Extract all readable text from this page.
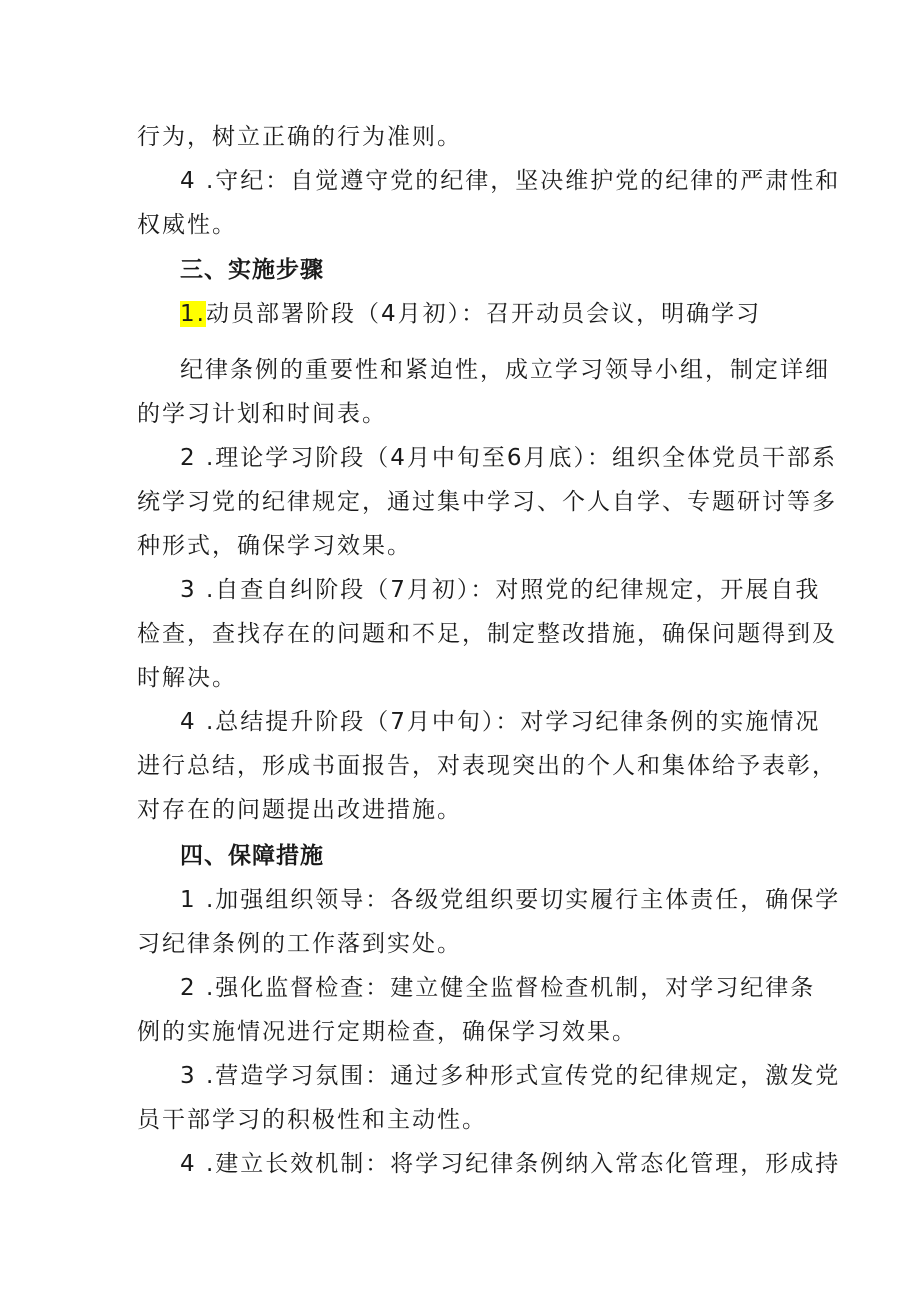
行为，树立正确的行为准则。
4 .守纪：自觉遵守党的纪律，坚决维护党的纪律的严肃性和
权威性。
三、实施步骤
1.动员部署阶段（4月初）：召开动员会议，明确学习
纪律条例的重要性和紧迫性，成立学习领导小组，制定详细
的学习计划和时间表。
2 .理论学习阶段（4月中旬至6月底）：组织全体党员干部系
统学习党的纪律规定，通过集中学习、个人自学、专题研讨等多
种形式，确保学习效果。
3 .自查自纠阶段（7月初）：对照党的纪律规定，开展自我
检查，查找存在的问题和不足，制定整改措施，确保问题得到及
时解决。
4 .总结提升阶段（7月中旬）：对学习纪律条例的实施情况
进行总结，形成书面报告，对表现突出的个人和集体给予表彰，
对存在的问题提出改进措施。
四、保障措施
1 .加强组织领导：各级党组织要切实履行主体责任，确保学
习纪律条例的工作落到实处。
2 .强化监督检查：建立健全监督检查机制，对学习纪律条
例的实施情况进行定期检查，确保学习效果。
3 .营造学习氛围：通过多种形式宣传党的纪律规定，激发党
员干部学习的积极性和主动性。
4 .建立长效机制：将学习纪律条例纳入常态化管理，形成持
